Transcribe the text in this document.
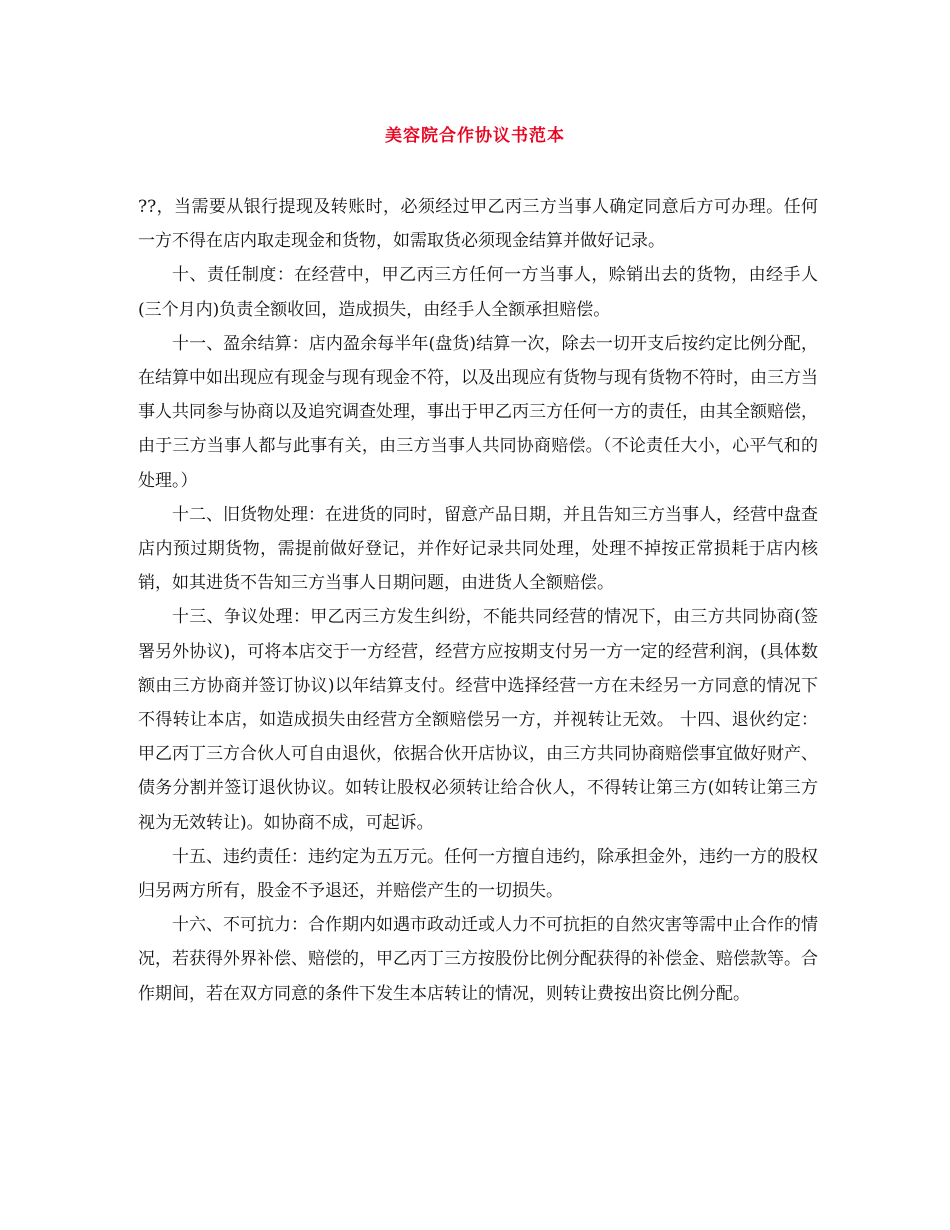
美容院合作协议书范本

??，当需要从银行提现及转账时，必须经过甲乙丙三方当事人确定同意后方可办理。任何一方不得在店内取走现金和货物，如需取货必须现金结算并做好记录。

十、责任制度：在经营中，甲乙丙三方任何一方当事人，赊销出去的货物，由经手人(三个月内)负责全额收回，造成损失，由经手人全额承担赔偿。

十一、盈余结算：店内盈余每半年(盘货)结算一次，除去一切开支后按约定比例分配，在结算中如出现应有现金与现有现金不符，以及出现应有货物与现有货物不符时，由三方当事人共同参与协商以及追究调查处理，事出于甲乙丙三方任何一方的责任，由其全额赔偿，由于三方当事人都与此事有关，由三方当事人共同协商赔偿。（不论责任大小，心平气和的处理。）

十二、旧货物处理：在进货的同时，留意产品日期，并且告知三方当事人，经营中盘查店内预过期货物，需提前做好登记，并作好记录共同处理，处理不掉按正常损耗于店内核销，如其进货不告知三方当事人日期问题，由进货人全额赔偿。

十三、争议处理：甲乙丙三方发生纠纷，不能共同经营的情况下，由三方共同协商(签署另外协议)，可将本店交于一方经营，经营方应按期支付另一方一定的经营利润，(具体数额由三方协商并签订协议)以年结算支付。经营中选择经营一方在未经另一方同意的情况下不得转让本店，如造成损失由经营方全额赔偿另一方，并视转让无效。 十四、退伙约定：甲乙丙丁三方合伙人可自由退伙，依据合伙开店协议，由三方共同协商赔偿事宜做好财产、债务分割并签订退伙协议。如转让股权必须转让给合伙人，不得转让第三方(如转让第三方视为无效转让)。如协商不成，可起诉。

十五、违约责任：违约定为五万元。任何一方擅自违约，除承担金外，违约一方的股权归另两方所有，股金不予退还，并赔偿产生的一切损失。

十六、不可抗力：合作期内如遇市政动迁或人力不可抗拒的自然灾害等需中止合作的情况，若获得外界补偿、赔偿的，甲乙丙丁三方按股份比例分配获得的补偿金、赔偿款等。合作期间，若在双方同意的条件下发生本店转让的情况，则转让费按出资比例分配。
